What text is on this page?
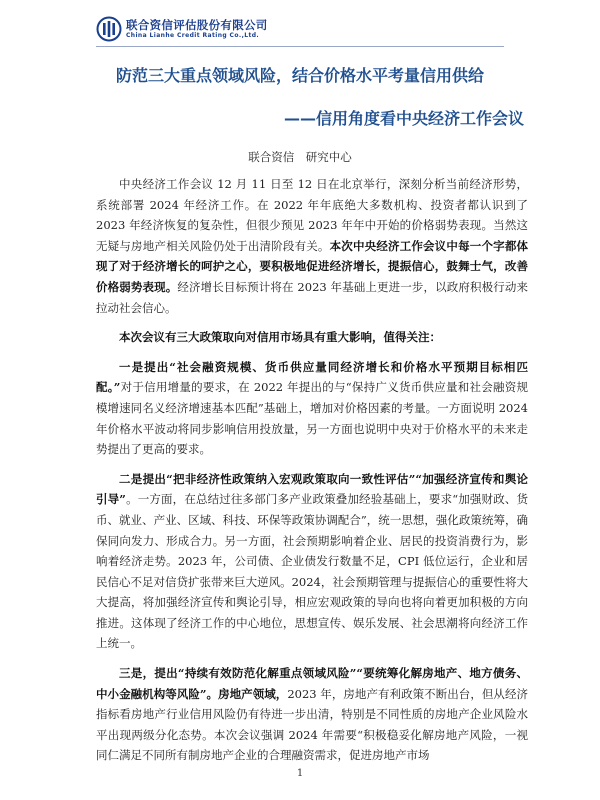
联合资信评估股份有限公司
China Lianhe Credit Rating Co.,Ltd.
防范三大重点领域风险，结合价格水平考量信用供给
——信用角度看中央经济工作会议
联合资信　研究中心

中央经济工作会议 12 月 11 日至 12 日在北京举行，深刻分析当前经济形势，系统部署 2024 年经济工作。在 2022 年年底绝大多数机构、投资者都认识到了 2023 年经济恢复的复杂性，但很少预见 2023 年年中开始的价格弱势表现。当然这无疑与房地产相关风险仍处于出清阶段有关。本次中央经济工作会议中每一个字都体现了对于经济增长的呵护之心，要积极地促进经济增长，提振信心，鼓舞士气，改善价格弱势表现。经济增长目标预计将在 2023 年基础上更进一步，以政府积极行动来拉动社会信心。

本次会议有三大政策取向对信用市场具有重大影响，值得关注：

一是提出“社会融资规模、货币供应量同经济增长和价格水平预期目标相匹配。”对于信用增量的要求，在 2022 年提出的与“保持广义货币供应量和社会融资规模增速同名义经济增速基本匹配”基础上，增加对价格因素的考量。一方面说明 2024 年价格水平波动将同步影响信用投放量，另一方面也说明中央对于价格水平的未来走势提出了更高的要求。

二是提出“把非经济性政策纳入宏观政策取向一致性评估”“加强经济宣传和舆论引导”。一方面，在总结过往多部门多产业政策叠加经验基础上，要求“加强财政、货币、就业、产业、区域、科技、环保等政策协调配合”，统一思想，强化政策统筹，确保同向发力、形成合力。另一方面，社会预期影响着企业、居民的投资消费行为，影响着经济走势。2023 年，公司债、企业债发行数量不足，CPI 低位运行，企业和居民信心不足对信贷扩张带来巨大逆风。2024，社会预期管理与提振信心的重要性将大大提高，将加强经济宣传和舆论引导，相应宏观政策的导向也将向着更加积极的方向推进。这体现了经济工作的中心地位，思想宣传、娱乐发展、社会思潮将向经济工作上统一。

三是，提出“持续有效防范化解重点领域风险”“要统筹化解房地产、地方债务、中小金融机构等风险”。房地产领域，2023 年，房地产有利政策不断出台，但从经济指标看房地产行业信用风险仍有待进一步出清，特别是不同性质的房地产企业风险水平出现两级分化态势。本次会议强调 2024 年需要“积极稳妥化解房地产风险，一视同仁满足不同所有制房地产企业的合理融资需求，促进房地产市场

1
